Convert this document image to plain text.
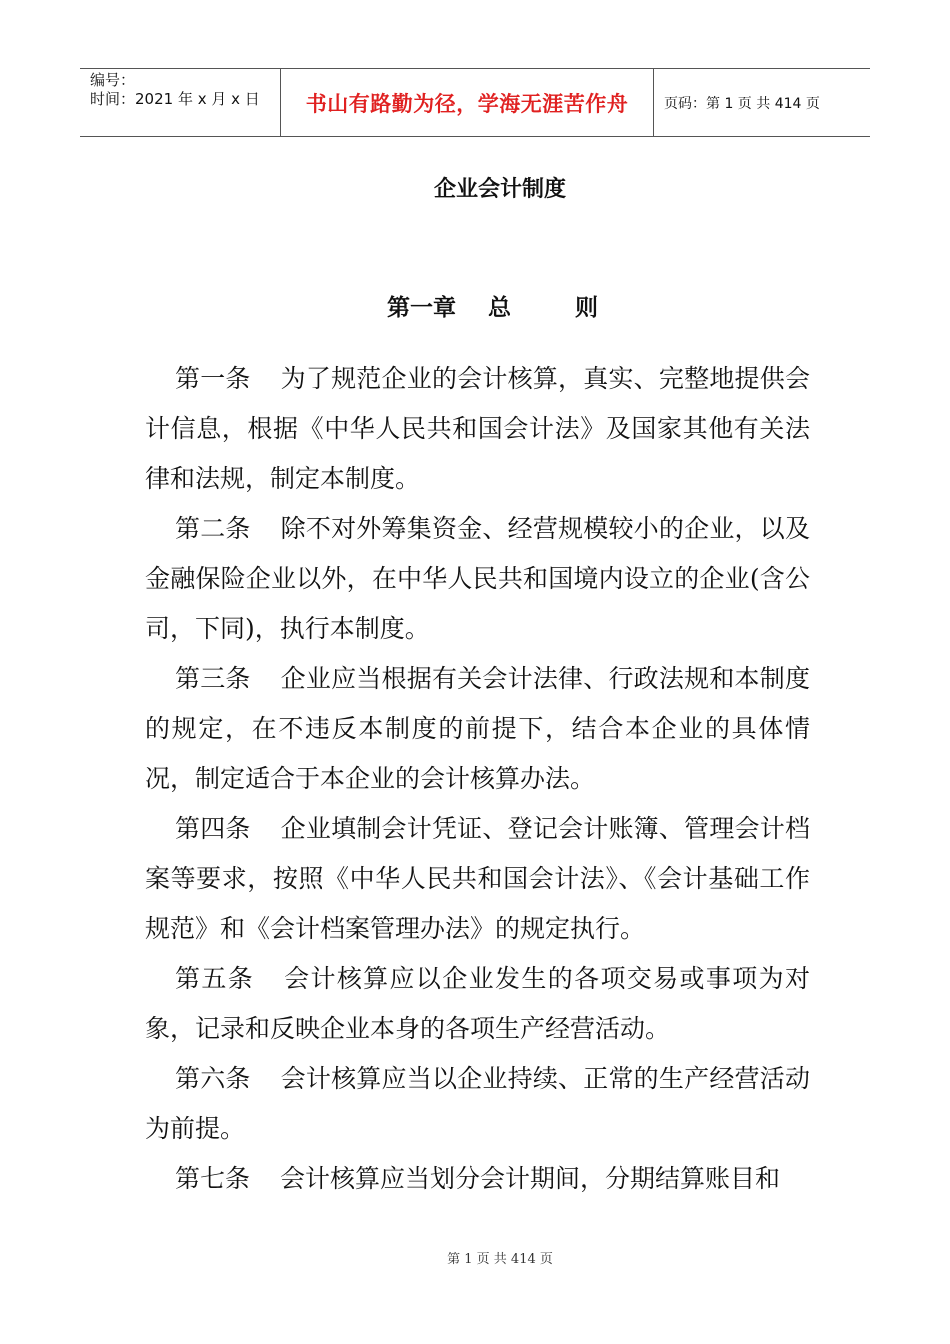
编号：
时间：2021 年 x 月 x 日	书山有路勤为径，学海无涯苦作舟	页码：第 1 页 共 414 页
企业会计制度
第一章    总        则

第一条 为了规范企业的会计核算，真实、完整地提供会计信息，根据《中华人民共和国会计法》及国家其他有关法律和法规，制定本制度。

第二条 除不对外筹集资金、经营规模较小的企业，以及金融保险企业以外，在中华人民共和国境内设立的企业(含公司，下同)，执行本制度。

第三条 企业应当根据有关会计法律、行政法规和本制度的规定，在不违反本制度的前提下，结合本企业的具体情况，制定适合于本企业的会计核算办法。

第四条 企业填制会计凭证、登记会计账簿、管理会计档案等要求，按照《中华人民共和国会计法》、《会计基础工作规范》和《会计档案管理办法》的规定执行。

第五条 会计核算应以企业发生的各项交易或事项为对象，记录和反映企业本身的各项生产经营活动。

第六条 会计核算应当以企业持续、正常的生产经营活动为前提。

第七条 会计核算应当划分会计期间，分期结算账目和

第 1 页 共 414 页
